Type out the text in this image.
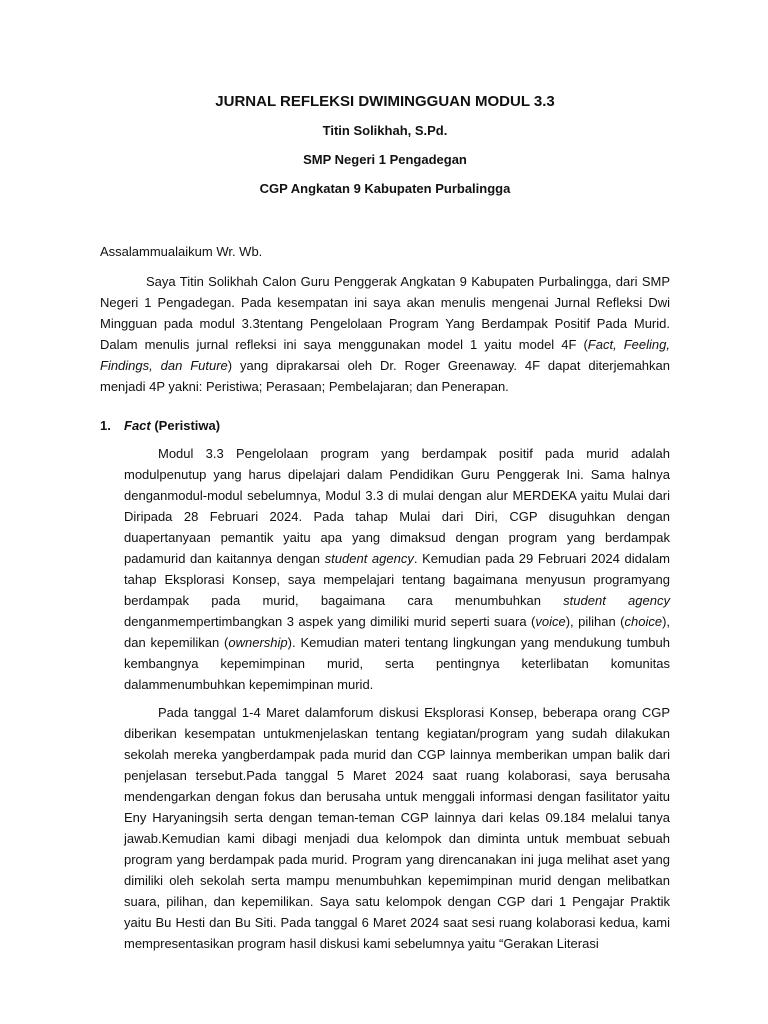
JURNAL REFLEKSI DWIMINGGUAN MODUL 3.3
Titin Solikhah, S.Pd.
SMP Negeri 1 Pengadegan
CGP Angkatan 9 Kabupaten Purbalingga
Assalammualaikum Wr. Wb.

Saya Titin Solikhah Calon Guru Penggerak Angkatan 9 Kabupaten Purbalingga, dari SMP Negeri 1 Pengadegan. Pada kesempatan ini saya akan menulis mengenai Jurnal Refleksi Dwi Mingguan pada modul 3.3tentang Pengelolaan Program Yang Berdampak Positif Pada Murid. Dalam menulis jurnal refleksi ini saya menggunakan model 1 yaitu model 4F (Fact, Feeling, Findings, dan Future) yang diprakarsai oleh Dr. Roger Greenaway. 4F dapat diterjemahkan menjadi 4P yakni: Peristiwa; Perasaan; Pembelajaran; dan Penerapan.

1.	Fact (Peristiwa)

Modul 3.3 Pengelolaan program yang berdampak positif pada murid adalah modulpenutup yang harus dipelajari dalam Pendidikan Guru Penggerak Ini. Sama halnya denganmodul-modul sebelumnya, Modul 3.3 di mulai dengan alur MERDEKA yaitu Mulai dari Diripada 28 Februari 2024. Pada tahap Mulai dari Diri, CGP disuguhkan dengan duapertanyaan pemantik yaitu apa yang dimaksud dengan program yang berdampak padamurid dan kaitannya dengan student agency. Kemudian pada 29 Februari 2024 didalam tahap Eksplorasi Konsep, saya mempelajari tentang bagaimana menyusun programyang berdampak pada murid, bagaimana cara menumbuhkan student agency denganmempertimbangkan 3 aspek yang dimiliki murid seperti suara (voice), pilihan (choice), dan kepemilikan (ownership). Kemudian materi tentang lingkungan yang mendukung tumbuh kembangnya kepemimpinan murid, serta pentingnya keterlibatan komunitas dalammenumbuhkan kepemimpinan murid.

Pada tanggal 1-4 Maret dalamforum diskusi Eksplorasi Konsep, beberapa orang CGP diberikan kesempatan untukmenjelaskan tentang kegiatan/program yang sudah dilakukan sekolah mereka yangberdampak pada murid dan CGP lainnya memberikan umpan balik dari penjelasan tersebut.Pada tanggal 5 Maret 2024 saat ruang kolaborasi, saya berusaha mendengarkan dengan fokus dan berusaha untuk menggali informasi dengan fasilitator yaitu Eny Haryaningsih serta dengan teman-teman CGP lainnya dari kelas 09.184 melalui tanya jawab.Kemudian kami dibagi menjadi dua kelompok dan diminta untuk membuat sebuah program yang berdampak pada murid. Program yang direncanakan ini juga melihat aset yang dimiliki oleh sekolah serta mampu menumbuhkan kepemimpinan murid dengan melibatkan suara, pilihan, dan kepemilikan. Saya satu kelompok dengan CGP dari 1 Pengajar Praktik yaitu Bu Hesti dan Bu Siti. Pada tanggal 6 Maret 2024 saat sesi ruang kolaborasi kedua, kami mempresentasikan program hasil diskusi kami sebelumnya yaitu “Gerakan Literasi
